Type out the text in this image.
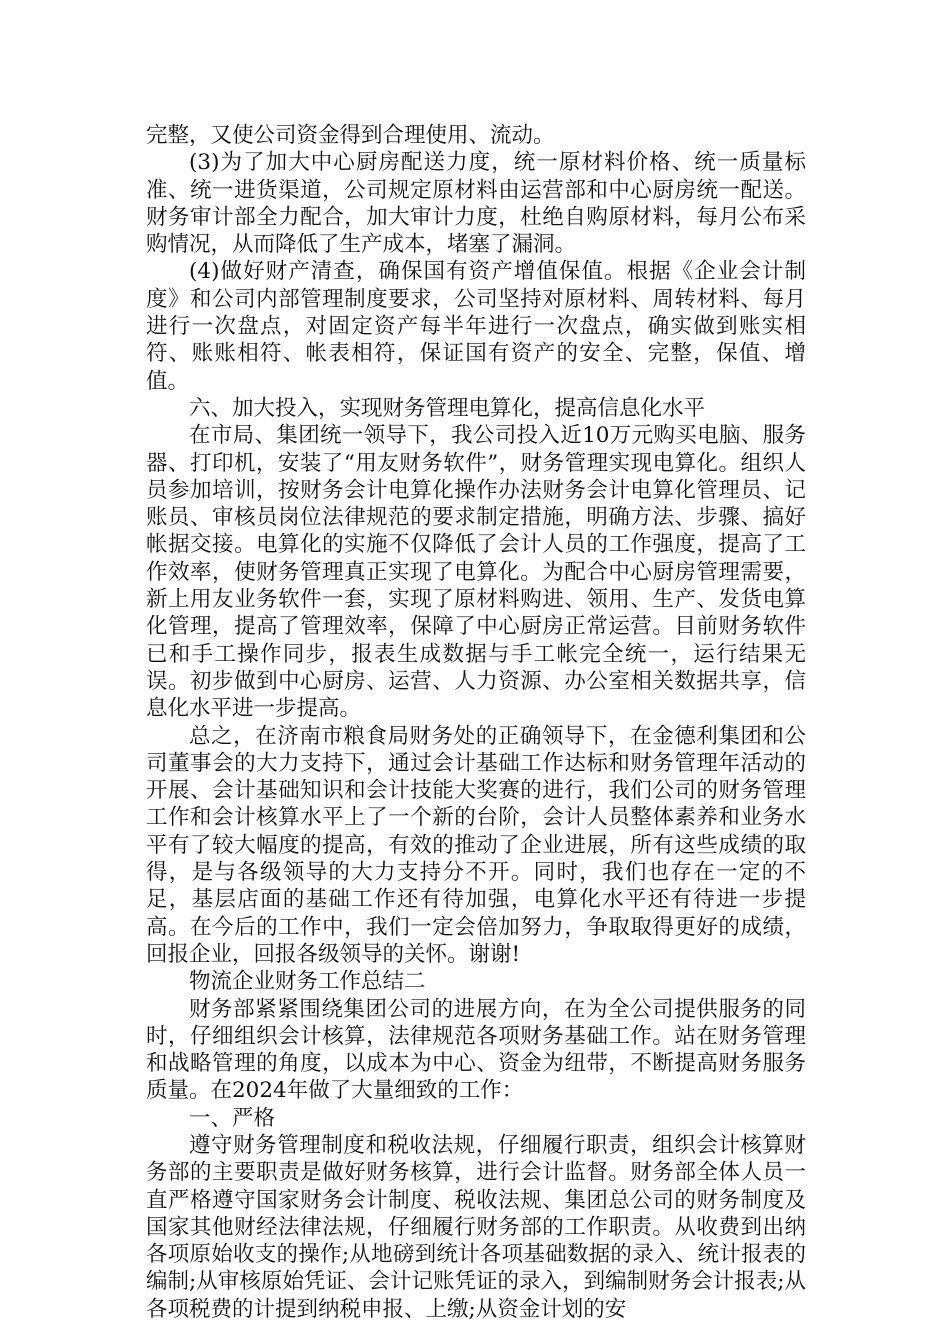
完整，又使公司资金得到合理使用、流动。

(3)为了加大中心厨房配送力度，统一原材料价格、统一质量标准、统一进货渠道，公司规定原材料由运营部和中心厨房统一配送。财务审计部全力配合，加大审计力度，杜绝自购原材料，每月公布采购情况，从而降低了生产成本，堵塞了漏洞。

(4)做好财产清查，确保国有资产增值保值。根据《企业会计制度》和公司内部管理制度要求，公司坚持对原材料、周转材料、每月进行一次盘点，对固定资产每半年进行一次盘点，确实做到账实相符、账账相符、帐表相符，保证国有资产的安全、完整，保值、增值。

六、加大投入，实现财务管理电算化，提高信息化水平

在市局、集团统一领导下，我公司投入近10万元购买电脑、服务器、打印机，安装了“用友财务软件”，财务管理实现电算化。组织人员参加培训，按财务会计电算化操作办法财务会计电算化管理员、记账员、审核员岗位法律规范的要求制定措施，明确方法、步骤、搞好帐据交接。电算化的实施不仅降低了会计人员的工作强度，提高了工作效率，使财务管理真正实现了电算化。为配合中心厨房管理需要，新上用友业务软件一套，实现了原材料购进、领用、生产、发货电算化管理，提高了管理效率，保障了中心厨房正常运营。目前财务软件已和手工操作同步，报表生成数据与手工帐完全统一，运行结果无误。初步做到中心厨房、运营、人力资源、办公室相关数据共享，信息化水平进一步提高。

总之，在济南市粮食局财务处的正确领导下，在金德利集团和公司董事会的大力支持下，通过会计基础工作达标和财务管理年活动的开展、会计基础知识和会计技能大奖赛的进行，我们公司的财务管理工作和会计核算水平上了一个新的台阶，会计人员整体素养和业务水平有了较大幅度的提高，有效的推动了企业进展，所有这些成绩的取得，是与各级领导的大力支持分不开。同时，我们也存在一定的不足，基层店面的基础工作还有待加强，电算化水平还有待进一步提高。在今后的工作中，我们一定会倍加努力，争取取得更好的成绩，回报企业，回报各级领导的关怀。谢谢!

物流企业财务工作总结二

财务部紧紧围绕集团公司的进展方向，在为全公司提供服务的同时，仔细组织会计核算，法律规范各项财务基础工作。站在财务管理和战略管理的角度，以成本为中心、资金为纽带，不断提高财务服务质量。在2024年做了大量细致的工作：

一、严格

遵守财务管理制度和税收法规，仔细履行职责，组织会计核算财务部的主要职责是做好财务核算，进行会计监督。财务部全体人员一直严格遵守国家财务会计制度、税收法规、集团总公司的财务制度及国家其他财经法律法规，仔细履行财务部的工作职责。从收费到出纳各项原始收支的操作;从地磅到统计各项基础数据的录入、统计报表的编制;从审核原始凭证、会计记账凭证的录入，到编制财务会计报表;从各项税费的计提到纳税申报、上缴;从资金计划的安
